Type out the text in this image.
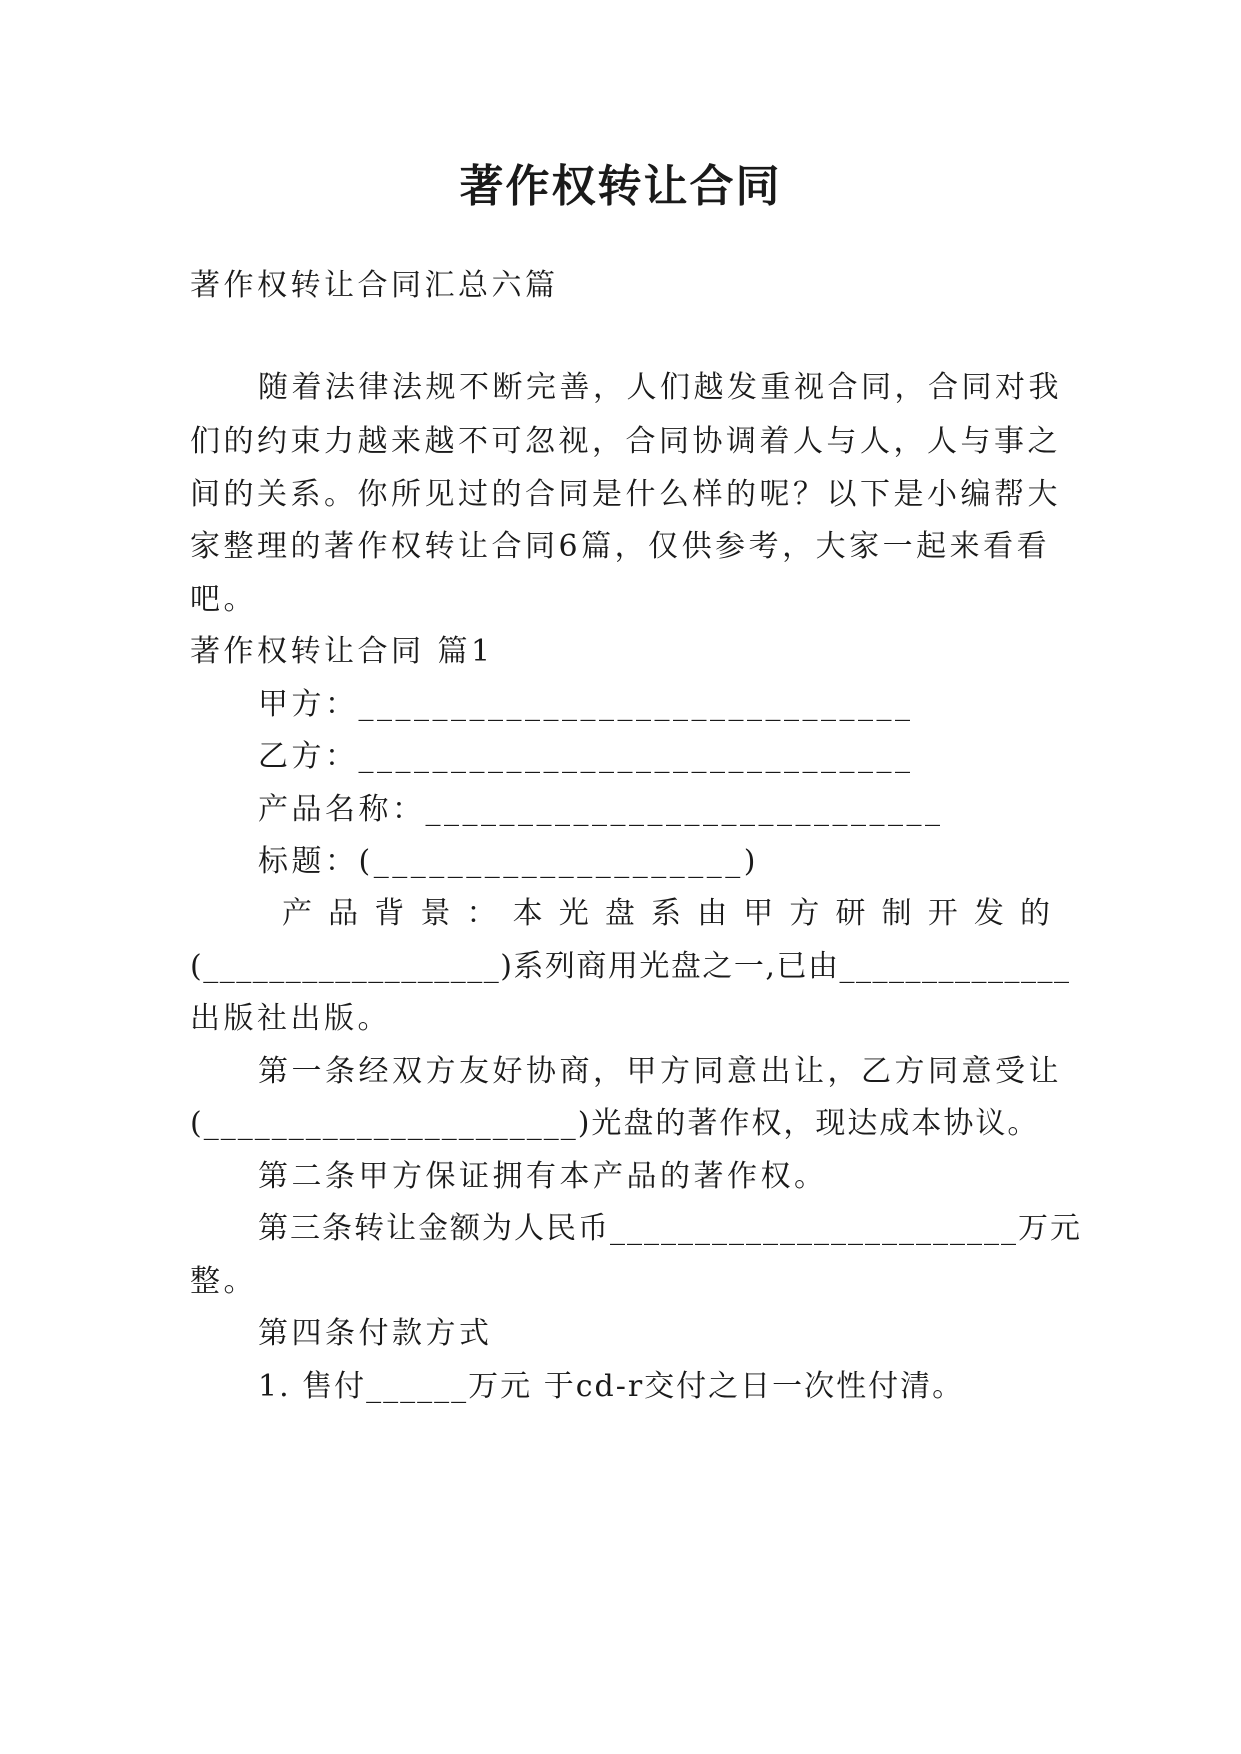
著作权转让合同
著作权转让合同汇总六篇
随着法律法规不断完善，人们越发重视合同，合同对我
们的约束力越来越不可忽视，合同协调着人与人，人与事之
间的关系。你所见过的合同是什么样的呢？以下是小编帮大
家整理的著作权转让合同6篇，仅供参考，大家一起来看看
吧。
著作权转让合同 篇1
甲方：______________________________
乙方：______________________________
产品名称：____________________________
标题：(____________________)
产 品 背 景 ： 本 光 盘 系 由 甲 方 研 制 开 发 的
(__________________)系列商用光盘之一,已由______________
出版社出版。
第一条经双方友好协商，甲方同意出让，乙方同意受让
(______________________)光盘的著作权，现达成本协议。
第二条甲方保证拥有本产品的著作权。
第三条转让金额为人民币________________________万元
整。
第四条付款方式
1. 售付______万元 于cd-r交付之日一次性付清。
